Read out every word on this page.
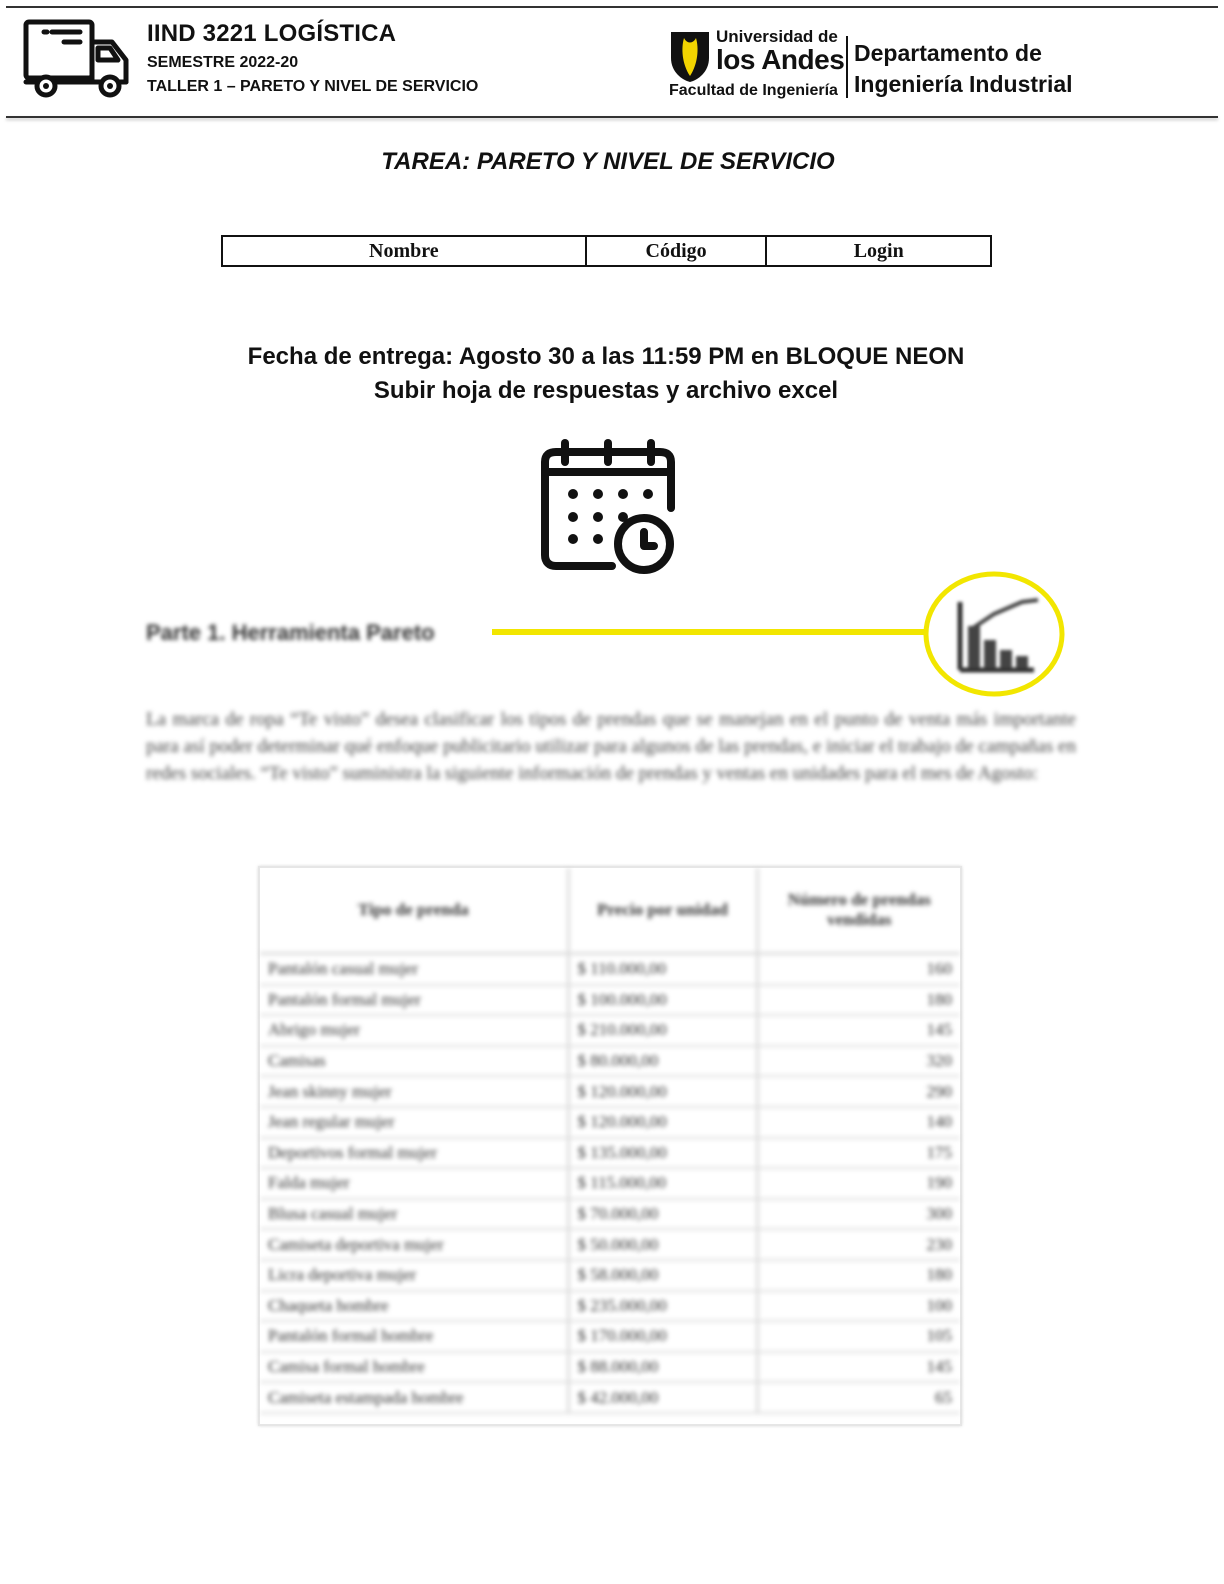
IIND 3221 LOGÍSTICA
SEMESTRE 2022-20
TALLER 1 – PARETO Y NIVEL DE SERVICIO
Universidad de
los Andes
Facultad de Ingeniería
Departamento de
Ingeniería Industrial
TAREA: PARETO Y NIVEL DE SERVICIO
Nombre	Código	Login
Fecha de entrega: Agosto 30 a las 11:59 PM en BLOQUE NEON
Subir hoja de respuestas y archivo excel
Parte 1. Herramienta Pareto
La marca de ropa “Te visto” desea clasificar los tipos de prendas que se manejan en el punto de venta más importante para así poder determinar qué enfoque publicitario utilizar para algunos de las prendas, e iniciar el trabajo de campañas en redes sociales. “Te visto” suministra la siguiente información de prendas y ventas en unidades para el mes de Agosto:
Tipo de prenda	Precio por unidad	Número de prendas vendidas
Pantalón casual mujer	$ 110.000,00	160
Pantalón formal mujer	$ 100.000,00	180
Abrigo mujer	$ 210.000,00	145
Camisas	$ 80.000,00	320
Jean skinny mujer	$ 120.000,00	290
Jean regular mujer	$ 120.000,00	140
Deportivos formal mujer	$ 135.000,00	175
Falda mujer	$ 115.000,00	190
Blusa casual mujer	$ 70.000,00	300
Camiseta deportiva mujer	$ 50.000,00	230
Licra deportiva mujer	$ 58.000,00	180
Chaqueta hombre	$ 235.000,00	100
Pantalón formal hombre	$ 170.000,00	105
Camisa formal hombre	$ 88.000,00	145
Camiseta estampada hombre	$ 42.000,00	65
